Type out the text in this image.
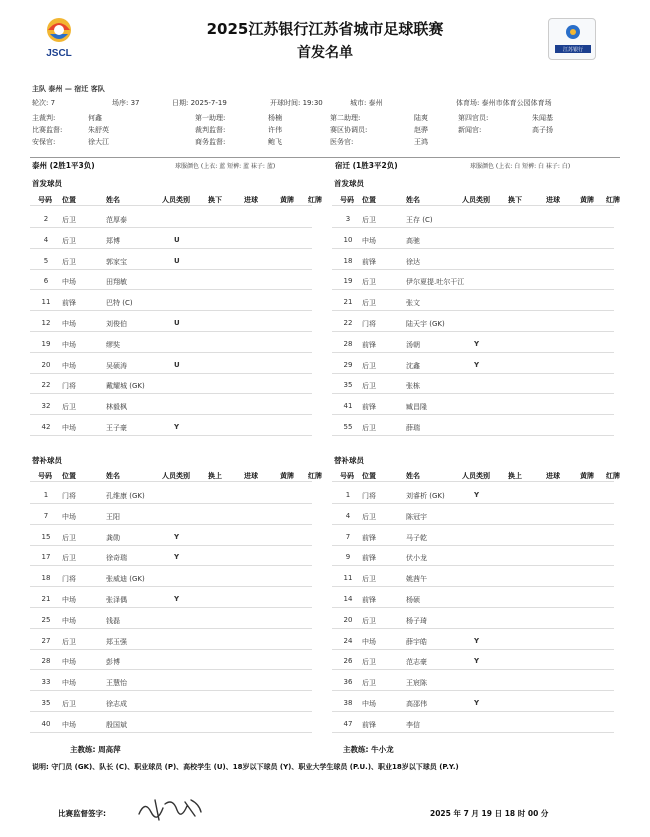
JSCL
2025江苏银行江苏省城市足球联赛
首发名单	江苏银行
主队 泰州 — 宿迁 客队
轮次: 7	场序: 37	日期: 2025-7-19	开球时间: 19:30	城市: 泰州	体育场: 泰州市体育公园体育场
主裁判:	何鑫	第一助理:	杨楠	第二助理:	陆爽	第四官员:	朱闻基
比赛监督:	朱舒英	裁判监督:	许伟	赛区协调员:	赵骅	新闻官:	高子扬
安保官:	徐大江	商务监督:	鲍飞	医务官:	王鸿
泰州 (2胜1平3负)	球服颜色 (上衣: 蓝 短裤: 蓝 袜子: 蓝)	宿迁 (1胜3平2负)	球服颜色 (上衣: 白 短裤: 白 袜子: 白)
首发球员
号码 位置	姓名	人员类别	换下	进球	黄牌 红牌
2	后卫	范厚泰
4	后卫	郑博	U
5	后卫	郭家宝	U
6	中场	田翔敏
11	前锋	巴特 (C)
12	中场	刘俊伯	U
19	中场	缪奘
20	中场	吴硕涛	U
22	门将	戴耀城 (GK)
32	后卫	林毅枫
42	中场	王子豪	Y
首发球员
号码 位置	姓名	人员类别	换下	进球	黄牌 红牌
3	后卫	王存 (C)
10	中场	高驰
18	前锋	徐达
19	后卫	伊尔夏提.吐尔干江
21	后卫	张文
22	门将	陆天宇 (GK)
28	前锋	汤朝	Y
29	后卫	沈鑫	Y
35	后卫	张栋
41	前锋	臧昌隆
55	后卫	薛瑞
替补球员
号码 位置	姓名	人员类别	换上	进球	黄牌 红牌
1	门将	孔维康 (GK)
7	中场	王阳
15	后卫	龚勋	Y
17	后卫	徐奇瑞	Y
18	门将	张威迪 (GK)
21	中场	张泽偶	Y
25	中场	钱磊
27	后卫	郑玉强
28	中场	彭博
33	中场	王慧怡
35	后卫	徐志成
40	中场	殷国斌
替补球员
号码 位置	姓名	人员类别	换上	进球	黄牌 红牌
1	门将	刘睿析 (GK)	Y
4	后卫	陈冠宇
7	前锋	马子乾
9	前锋	伏小龙
11	后卫	姚茜午
14	前锋	杨硕
20	后卫	杨子琦
24	中场	薛宇皓	Y
26	后卫	范志豪	Y
36	后卫	王宸陈
38	中场	高邵伟	Y
47	前锋	李信
主教练: 周高萍	主教练: 牛小龙
说明: 守门员 (GK)、队长 (C)、职业球员 (P)、高校学生 (U)、18岁以下球员 (Y)、职业大学生球员 (P.U.)、职业18岁以下球员 (P.Y.)
比赛监督签字:	2025 年 7 月 19 日 18 时 00 分
